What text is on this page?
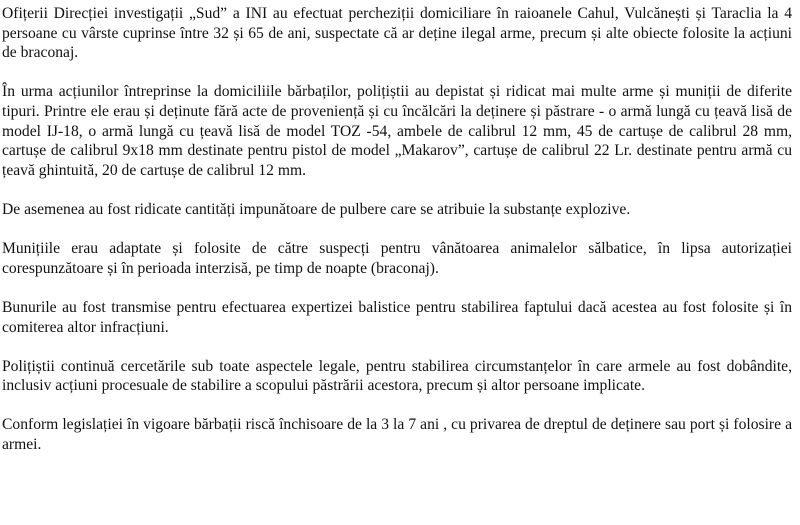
Ofițerii Direcției investigații „Sud” a INI au efectuat percheziții domiciliare în raioanele Cahul, Vulcănești și Taraclia la 4 persoane cu vârste cuprinse între 32 și 65 de ani, suspectate că ar deține ilegal arme, precum și alte obiecte folosite la acțiuni de braconaj.

În urma acțiunilor întreprinse la domiciliile bărbaților, polițiștii au depistat și ridicat mai multe arme și muniții de diferite tipuri. Printre ele erau și deținute fără acte de proveniență și cu încălcări la deținere și păstrare - o armă lungă cu țeavă lisă de model IJ-18, o armă lungă cu țeavă lisă de model TOZ -54, ambele de calibrul 12 mm, 45 de cartușe de calibrul 28 mm, cartușe de calibrul 9x18 mm destinate pentru pistol de model „Makarov”, cartușe de calibrul 22 Lr. destinate pentru armă cu țeavă ghintuită, 20 de cartușe de calibrul 12 mm.

De asemenea au fost ridicate cantități impunătoare de pulbere care se atribuie la substanțe explozive.

Munițiile erau adaptate și folosite de către suspecți pentru vânătoarea animalelor sălbatice, în lipsa autorizației corespunzătoare și în perioada interzisă, pe timp de noapte (braconaj).

Bunurile au fost transmise pentru efectuarea expertizei balistice pentru stabilirea faptului dacă acestea au fost folosite și în comiterea altor infracțiuni.

Polițiștii continuă cercetările sub toate aspectele legale, pentru stabilirea circumstanțelor în care armele au fost dobândite, inclusiv acțiuni procesuale de stabilire a scopului păstrării acestora, precum și altor persoane implicate.

Conform legislației în vigoare bărbații riscă închisoare de la 3 la 7 ani , cu privarea de dreptul de deținere sau port și folosire a armei.
